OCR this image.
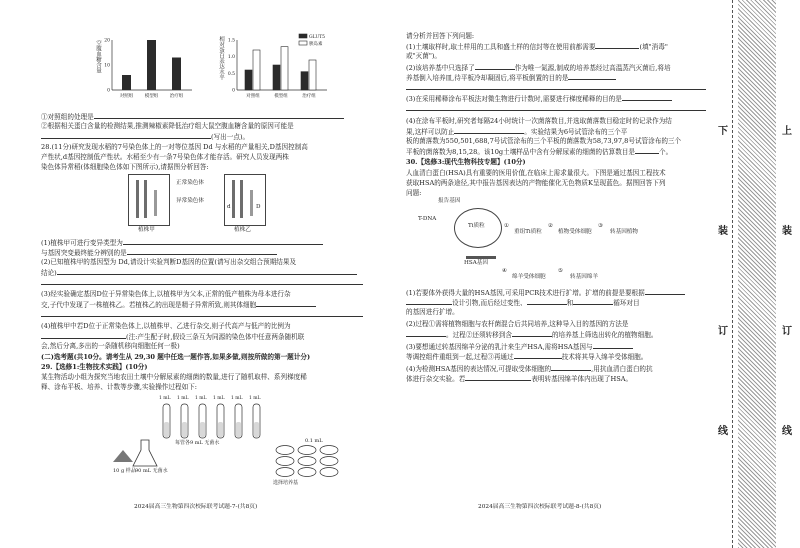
空腹血糖含量 20
10
0
对照组	模型组	治疗组
相对蛋白表达水平 1.5
1.0
0.5
0
对照组	模型组	治疗组
GLUT5
胰岛素
①对照组的处理是
②根据相关蛋白含量的检测结果,推测辣椒素降低治疗组大鼠空腹血糖含量的原因可能是
(写出一点)。
28.(11分)研究发现水稻的7号染色体上的一对等位基因 Dd 与水稻的产量相关,D基因控制高
产性状,d基因控制低产性状。水稻至少有一条7号染色体才能存活。研究人员发现两株
染色体异常稻(体细胞染色体如下图所示),请据图分析回答:
正常染色体
异常染色体
植株甲
d	D
植株乙
(1)植株甲可进行变异类型为
与基因突变最终能分辨别的是
(2)已知植株甲的基因型为 Dd,请设计实验判断D基因的位置(请写出杂交组合预期结果及
结论)
(3)经实验确定基因D位于异常染色体上,以植株甲为父本,正常的低产植株为母本进行杂
交,子代中发现了一株植株乙。若植株乙的出现是精子异常所致,则其体细胞
(4)植株甲中若D位于正常染色体上,以植株甲、乙进行杂交,则子代高产与低产的比例为
(注:产生配子时,假设三条互为同源的染色体中任意两条随机联
会,然后分离,多出的一条随机移向细胞任何一极)
(二)选考题(共10分。请考生从 29,30 题中任选一题作答,如果多做,则按所做的第一题计分)
29.【选修1:生物技术实践】(10分)
某生物活动小组为探究当地农田土壤中分解尿素的细菌的数量,进行了随机取样、系列梯度稀
释、涂布平板、培养、计数等步骤,实验操作过程如下:
1 mL 1 mL 1 mL 1 mL 1 mL 1 mL
10 g 样品 90 mL 无菌水
每管各9 mL 无菌水
选择培养基
0.1 mL
2024届高三生物第四次校际联考试题-7-(共8页)
请分析并回答下列问题:
(1)土壤取样时,取土样用的工具和盛土样的信封等在使用前都需要	(填"消毒"
或"灭菌")。
(2)该培养基中只选择了	作为唯一氮源,制成的培养基经过高温蒸汽灭菌后,将培
养基倒入培养皿,待平板冷却凝固后,将平板倒置的目的是
(3)在采用稀释涂布平板法对微生物进行计数时,需要进行梯度稀释的目的是
(4)在涂布平板时,研究者每隔24小时统计一次菌落数目,并选取菌落数目稳定时的记录作为结
果,这样可以防止	。实验结果为6号试管涂布的三个平
板的菌落数为550,501,688,7号试管涂布的三个平板的菌落数为58,73,97,8号试管涂布的三个
平板的菌落数为8,15,28。该10g土壤样品中含有分解尿素的细菌的估算数目是	个。
30.【选修3:现代生物科技专题】(10分)
人血清白蛋白(HSA)具有重要的医用价值,在临床上需求量很大。下图是通过基因工程技术
获取HSA的两条途径,其中报告基因表达的产物能催化无色物质K呈现蓝色。据图回答下列
问题:
报告基因
T-DNA
Ti质粒	①
重组Ti质粒
②
植物受体细胞
③
转基因植物
HSA基因
绵羊受体细胞
④	⑤
转基因绵羊
(1)若要体外获得大量的HSA基因,可采用PCR技术进行扩增。扩增的前提是要根据
设计引物,而后经过变性、	和	循环对目
的基因进行扩增。
(2)过程①需将植物细胞与农杆菌混合后共同培养,这种导入目的基因的方法是
。过程②还须转移到含	的培养基上筛选出转化的植物细胞。
(3)要想通过转基因绵羊分泌的乳汁来生产HSA,需将HSA基因与
等调控组件重组到一起,过程③再通过	技术将其导入绵羊受体细胞。
(4)为检测HSA基因的表达情况,可提取受体细胞的	,用抗血清白蛋白的抗
体进行杂交实验。若	表明转基因绵羊体内出现了HSA。
2024届高三生物第四次校际联考试题-8-(共8页)
下	上
装	装
订	订
线	线
